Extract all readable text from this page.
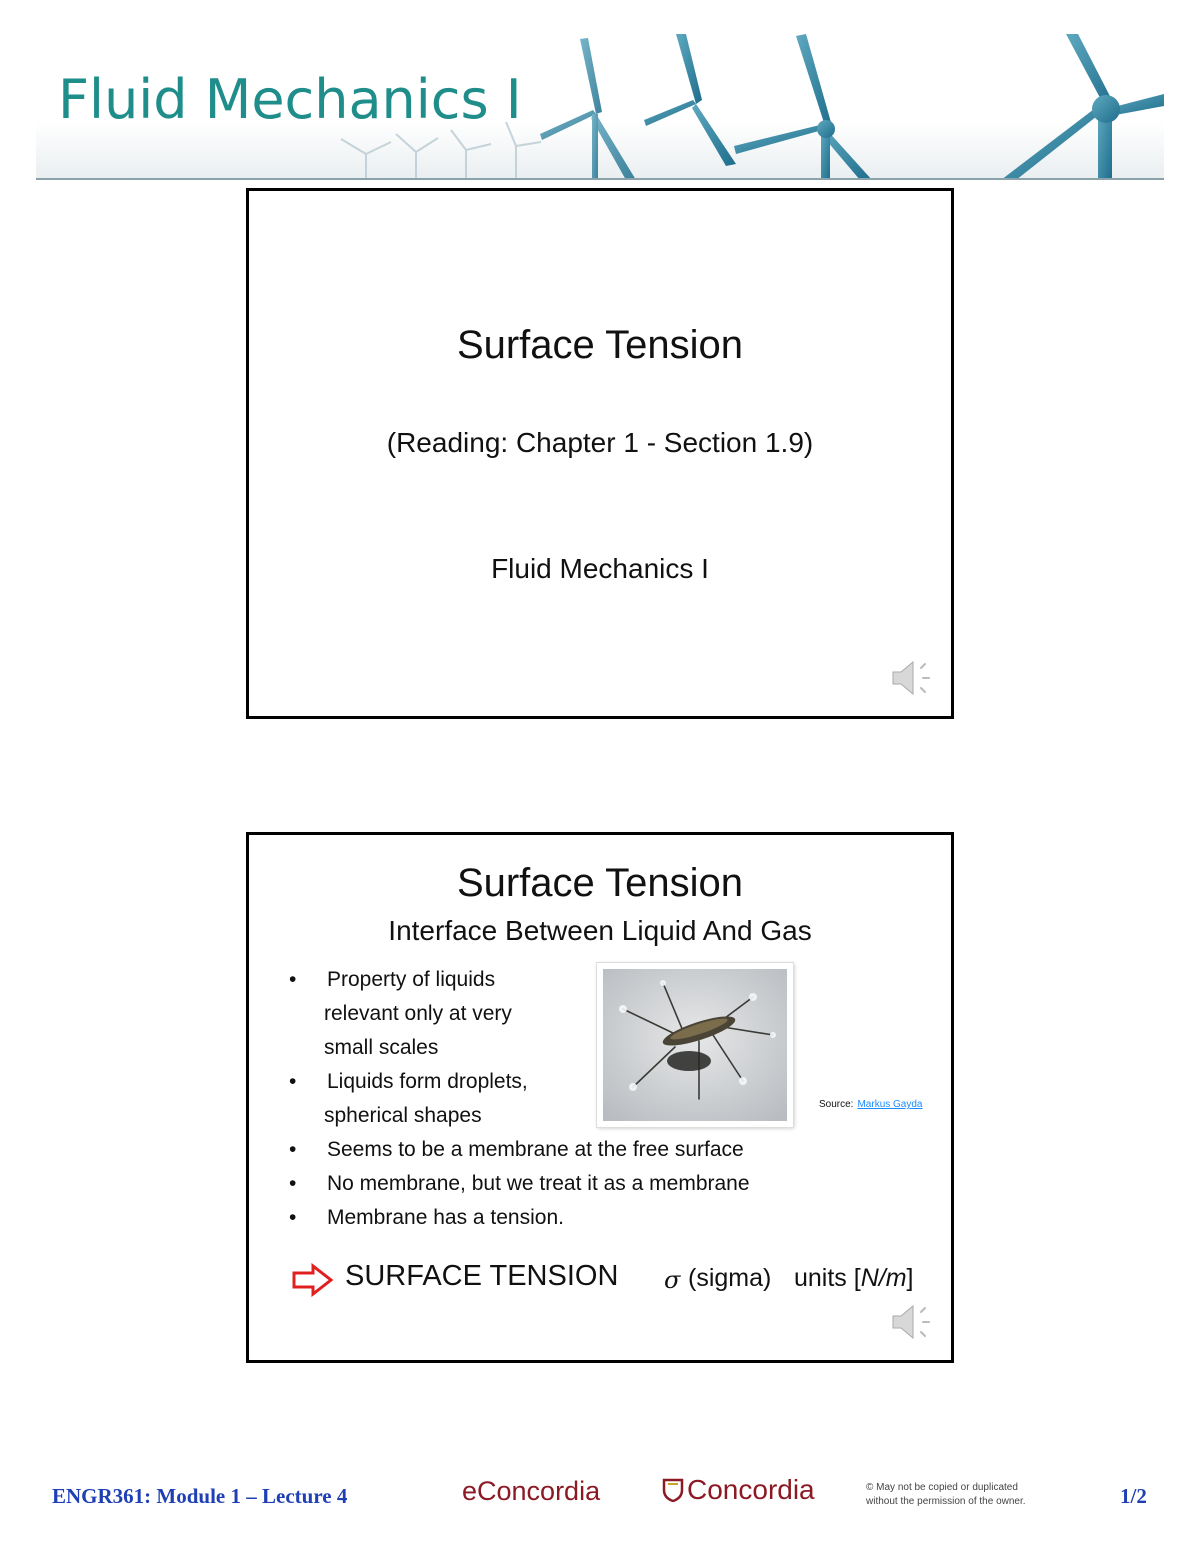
Fluid Mechanics I
Surface Tension
(Reading: Chapter 1 - Section 1.9)
Fluid Mechanics I
Surface Tension
Interface Between Liquid And Gas
• Property of liquids
relevant only at very
small scales
• Liquids form droplets,
spherical shapes
• Seems to be a membrane at the free surface
• No membrane, but we treat it as a membrane
• Membrane has a tension.
Source: Markus Gayda
SURFACE TENSION σ (sigma) units [N/m]
ENGR361: Module 1 – Lecture 4	eConcordia	Concordia	© May not be copied or duplicated
without the permission of the owner.	1/2
